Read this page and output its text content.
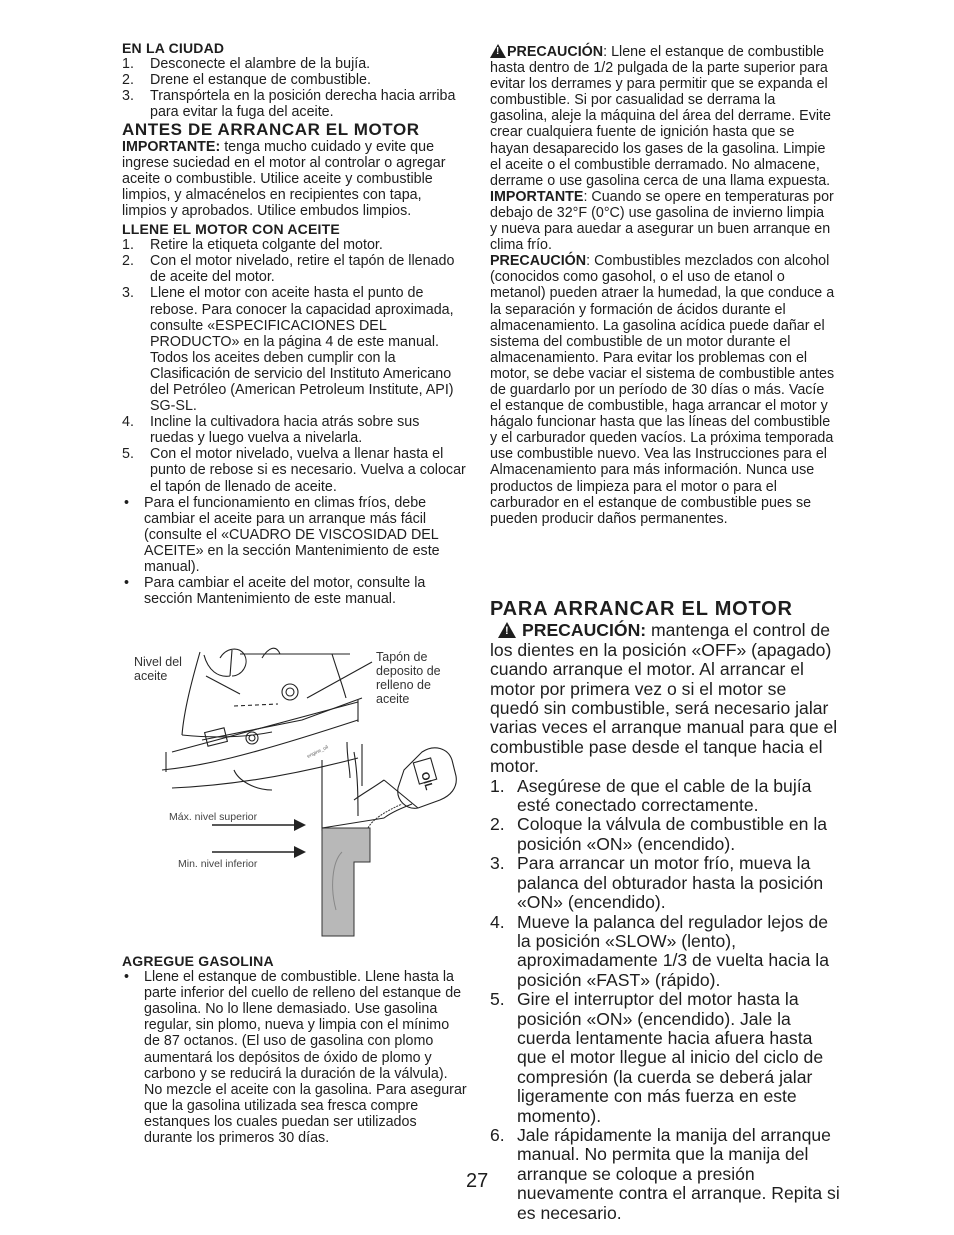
EN LA CIUDAD
1.	Desconecte el alambre de la bujía.
2.	Drene el estanque de combustible.
3.	Transpórtela en la posición derecha hacia arriba para evitar la fuga del aceite.
ANTES DE ARRANCAR EL MOTOR

IMPORTANTE: tenga mucho cuidado y evite que ingrese suciedad en el motor al controlar o agregar aceite o combustible. Utilice aceite y combustible limpios, y almacénelos en recipientes con tapa, limpios y aprobados. Utilice embudos limpios.

LLENE EL MOTOR CON ACEITE
1.	Retire la etiqueta colgante del motor.
2.	Con el motor nivelado, retire el tapón de llenado de aceite del motor.
3.	Llene el motor con aceite hasta el punto de rebose. Para conocer la capacidad aproximada, consulte «ESPECIFICACIONES DEL PRODUCTO» en la página 4 de este manual. Todos los aceites deben cumplir con la Clasificación de servicio del Instituto Americano del Petróleo (American Petroleum Institute, API) SG-SL.
4.	Incline la cultivadora hacia atrás sobre sus ruedas y luego vuelva a nivelarla.
5.	Con el motor nivelado, vuelva a llenar hasta el punto de rebose si es necesario. Vuelva a colocar el tapón de llenado de aceite.
•	Para el funcionamiento en climas fríos, debe cambiar el aceite para un arranque más fácil (consulte el «CUADRO DE VISCOSIDAD DEL ACEITE» en la sección Mantenimiento de este manual).
•	Para cambiar el aceite del motor, consulte la sección Mantenimiento de este manual.
OIL
engine_oil
Nivel del aceite
Tapón de deposito de relleno de aceite
Máx. nivel superior
Min. nivel inferior
AGREGUE GASOLINA
•	Llene el estanque de combustible. Llene hasta la parte inferior del cuello de relleno del estanque de gasolina. No lo llene demasiado. Use gasolina regular, sin plomo, nueva y limpia con el mínimo de 87 octanos. (El uso de gasolina con plomo aumentará los depósitos de óxido de plomo y carbono y se reducirá la duración de la válvula). No mezcle el aceite con la gasolina. Para asegurar que la gasolina utilizada sea fresca compre estanques los cuales puedan ser utilizados durante los primeros 30 días.

!PRECAUCIÓN: Llene el estanque de combustible hasta dentro de 1/2 pulgada de la parte superior para evitar los derrames y para permitir que se expanda el combustible. Si por casualidad se derrama la gasolina, aleje la máquina del área del derrame. Evite crear cualquiera fuente de ignición hasta que se hayan desaparecido los gases de la gasolina. Limpie el aceite o el combustible derramado. No almacene, derrame o use gasolina cerca de una llama expuesta.

IMPORTANTE: Cuando se opere en temperaturas por debajo de 32°F (0°C) use gasolina de invierno limpia y nueva para auedar a asegurar un buen arranque en clima frío.

PRECAUCIÓN: Combustibles mezclados con alcohol (conocidos como gasohol, o el uso de etanol o metanol) pueden atraer la humedad, la que conduce a la separación y formación de ácidos durante el almacenamiento. La gasolina acídica puede dañar el sistema del combustible de un motor durante el almacenamiento. Para evitar los problemas con el motor, se debe vaciar el sistema de combustible antes de guardarlo por un período de 30 días o más. Vacíe el estanque de combustible, haga arrancar el motor y hágalo funcionar hasta que las líneas del combustible y el carburador queden vacíos. La próxima temporada use combustible nuevo. Vea las Instrucciones para el Almacenamiento para más información. Nunca use productos de limpieza para el motor o para el carburador en el estanque de combustible pues se pueden producir daños permanentes.

PARA ARRANCAR EL MOTOR

!PRECAUCIÓN: mantenga el control de los dientes en la posición «OFF» (apagado) cuando arranque el motor. Al arrancar el motor por primera vez o si el motor se quedó sin combustible, será necesario jalar varias veces el arranque manual para que el combustible pase desde el tanque hacia el motor.

1. Asegúrese de que el cable de la bujía esté conectado correctamente.
2. Coloque la válvula de combustible en la posición «ON» (encendido).
3. Para arrancar un motor frío, mueva la palanca del obturador hasta la posición «ON» (encendido).
4. Mueve la palanca del regulador lejos de la posición «SLOW» (lento), aproximadamente 1/3 de vuelta hacia la posición «FAST» (rápido).
5. Gire el interruptor del motor hasta la posición «ON» (encendido). Jale la cuerda lentamente hacia afuera hasta que el motor llegue al inicio del ciclo de compresión (la cuerda se deberá jalar ligeramente con más fuerza en este momento).
6. Jale rápidamente la manija del arranque manual. No permita que la manija del arranque se coloque a presión nuevamente contra el arranque. Repita si es necesario.
27
